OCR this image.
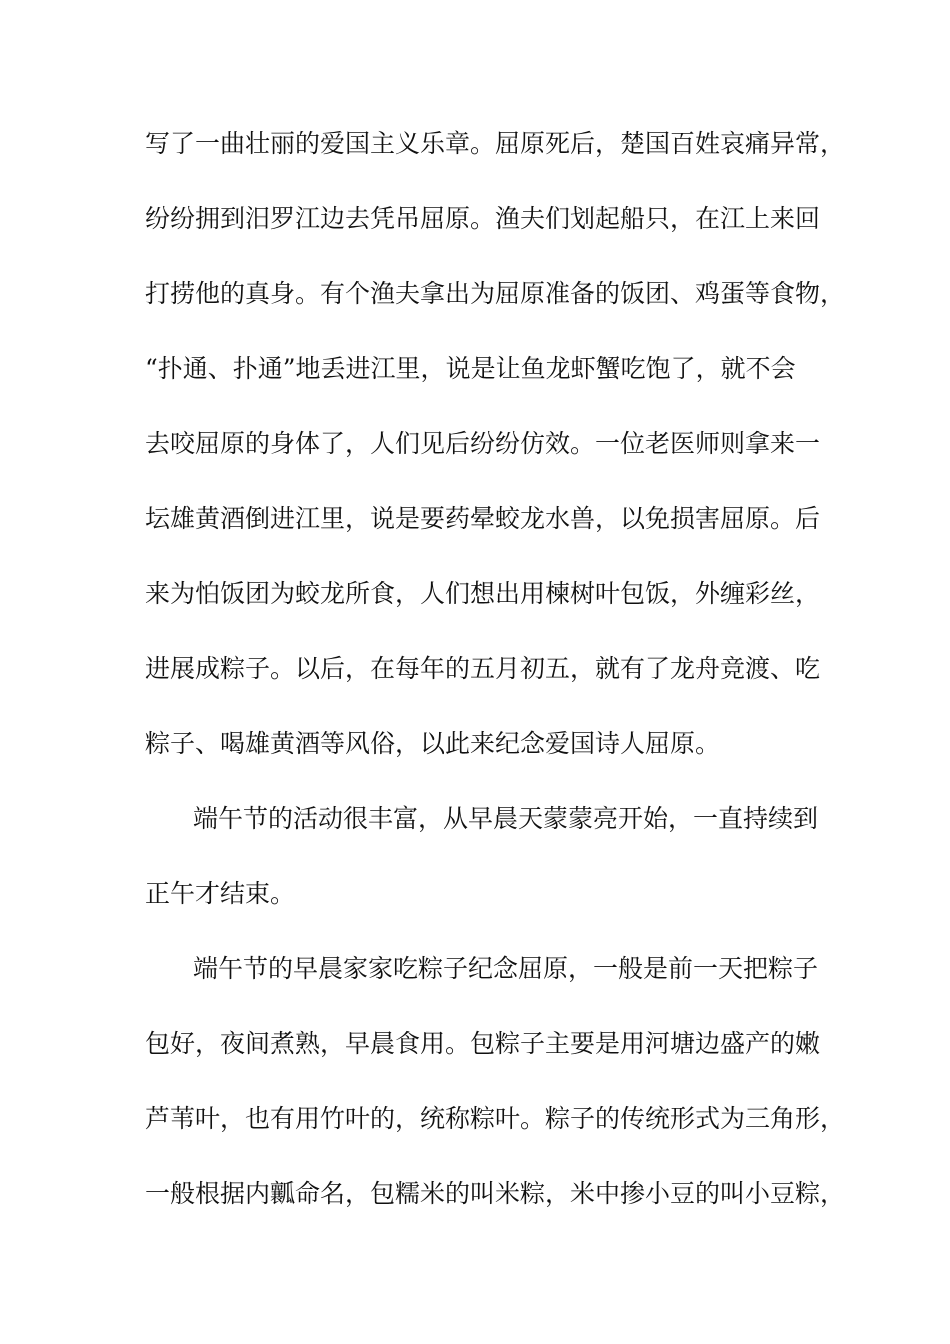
写了一曲壮丽的爱国主义乐章。屈原死后，楚国百姓哀痛异常，
纷纷拥到汨罗江边去凭吊屈原。渔夫们划起船只，在江上来回
打捞他的真身。有个渔夫拿出为屈原准备的饭团、鸡蛋等食物，
“扑通、扑通”地丢进江里，说是让鱼龙虾蟹吃饱了，就不会
去咬屈原的身体了，人们见后纷纷仿效。一位老医师则拿来一
坛雄黄酒倒进江里，说是要药晕蛟龙水兽，以免损害屈原。后
来为怕饭团为蛟龙所食，人们想出用楝树叶包饭，外缠彩丝，
进展成粽子。以后，在每年的五月初五，就有了龙舟竞渡、吃
粽子、喝雄黄酒等风俗，以此来纪念爱国诗人屈原。
端午节的活动很丰富，从早晨天蒙蒙亮开始，一直持续到
正午才结束。
端午节的早晨家家吃粽子纪念屈原，一般是前一天把粽子
包好，夜间煮熟，早晨食用。包粽子主要是用河塘边盛产的嫩
芦苇叶，也有用竹叶的，统称粽叶。粽子的传统形式为三角形，
一般根据内瓤命名，包糯米的叫米粽，米中掺小豆的叫小豆粽，
